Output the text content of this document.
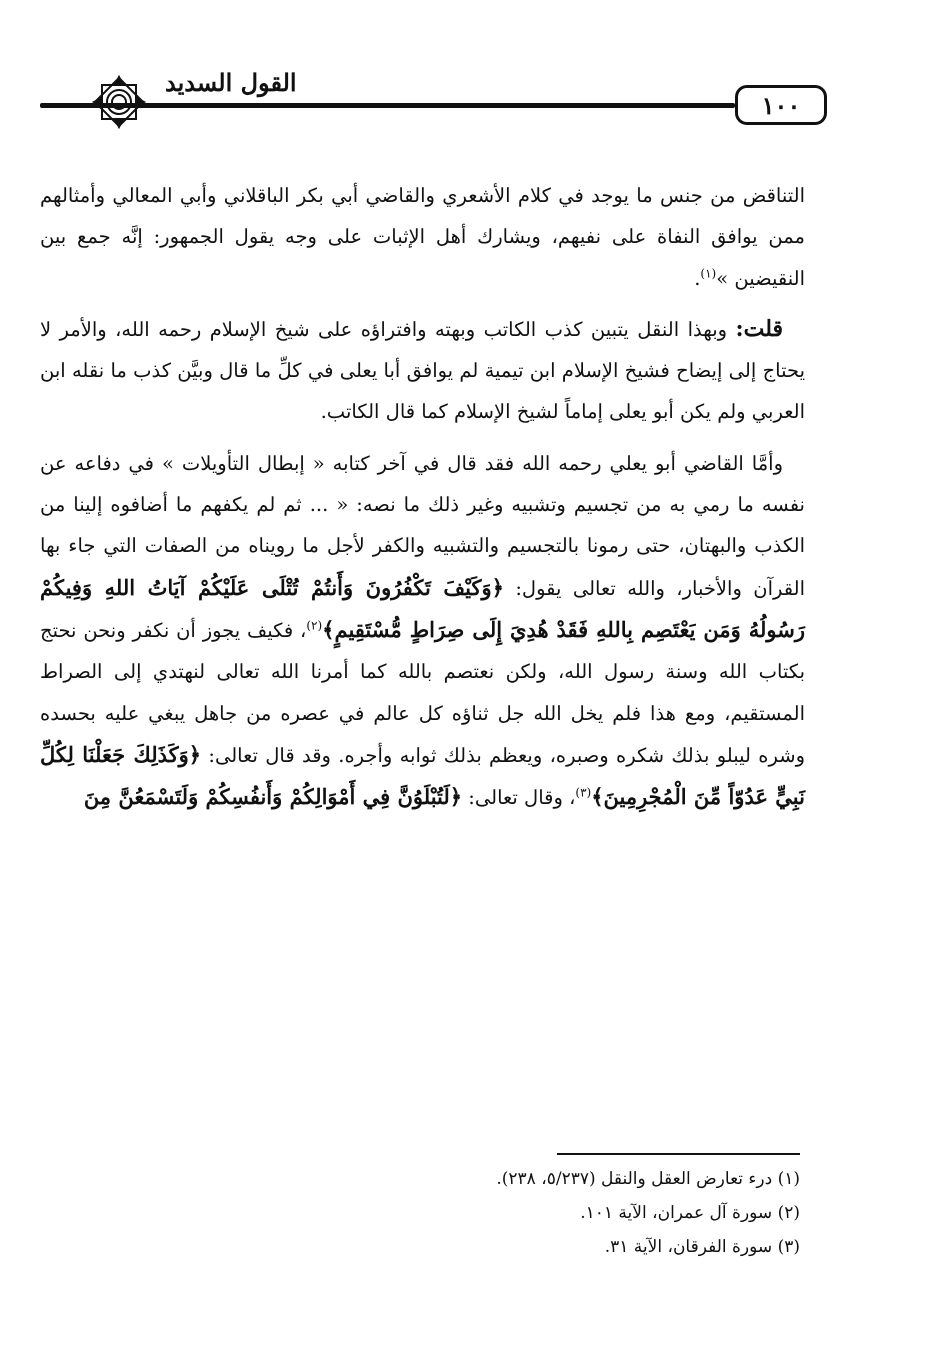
القول السديد
١٠٠

التناقض من جنس ما يوجد في كلام الأشعري والقاضي أبي بكر الباقلاني وأبي المعالي وأمثالهم ممن يوافق النفاة على نفيهم، ويشارك أهل الإثبات على وجه يقول الجمهور: إنَّه جمع بين النقيضين »$^{(١)}$.

قلت: وبهذا النقل يتبين كذب الكاتب وبهته وافتراؤه على شيخ الإسلام رحمه الله، والأمر لا يحتاج إلى إيضاح فشيخ الإسلام ابن تيمية لم يوافق أبا يعلى في كلِّ ما قال وبيَّن كذب ما نقله ابن العربي ولم يكن أبو يعلى إماماً لشيخ الإسلام كما قال الكاتب.

وأمَّا القاضي أبو يعلي رحمه الله فقد قال في آخر كتابه « إبطال التأويلات » في دفاعه عن نفسه ما رمي به من تجسيم وتشبيه وغير ذلك ما نصه: « ... ثم لم يكفهم ما أضافوه إلينا من الكذب والبهتان، حتى رمونا بالتجسيم والتشبيه والكفر لأجل ما رويناه من الصفات التي جاء بها القرآن والأخبار، والله تعالى يقول: ﴿وَكَيْفَ تَكْفُرُونَ وَأَنتُمْ تُتْلَى عَلَيْكُمْ آيَاتُ اللهِ وَفِيكُمْ رَسُولُهُ وَمَن يَعْتَصِم بِاللهِ فَقَدْ هُدِيَ إِلَى صِرَاطٍ مُّسْتَقِيمٍ﴾$^{(٢)}$، فكيف يجوز أن نكفر ونحن نحتج بكتاب الله وسنة رسول الله، ولكن نعتصم بالله كما أمرنا الله تعالى لنهتدي إلى الصراط المستقيم، ومع هذا فلم يخل الله جل ثناؤه كل عالم في عصره من جاهل يبغي عليه بحسده وشره ليبلو بذلك شكره وصبره، ويعظم بذلك ثوابه وأجره. وقد قال تعالى: ﴿وَكَذَلِكَ جَعَلْنَا لِكُلِّ نَبِيٍّ عَدُوّاً مِّنَ الْمُجْرِمِينَ﴾$^{(٣)}$، وقال تعالى: ﴿لَتُبْلَوُنَّ فِي أَمْوَالِكُمْ وَأَنفُسِكُمْ وَلَتَسْمَعُنَّ مِنَ

(١) درء تعارض العقل والنقل (٥/٢٣٧، ٢٣٨).
(٢) سورة آل عمران، الآية ١٠١.
(٣) سورة الفرقان، الآية ٣١.
